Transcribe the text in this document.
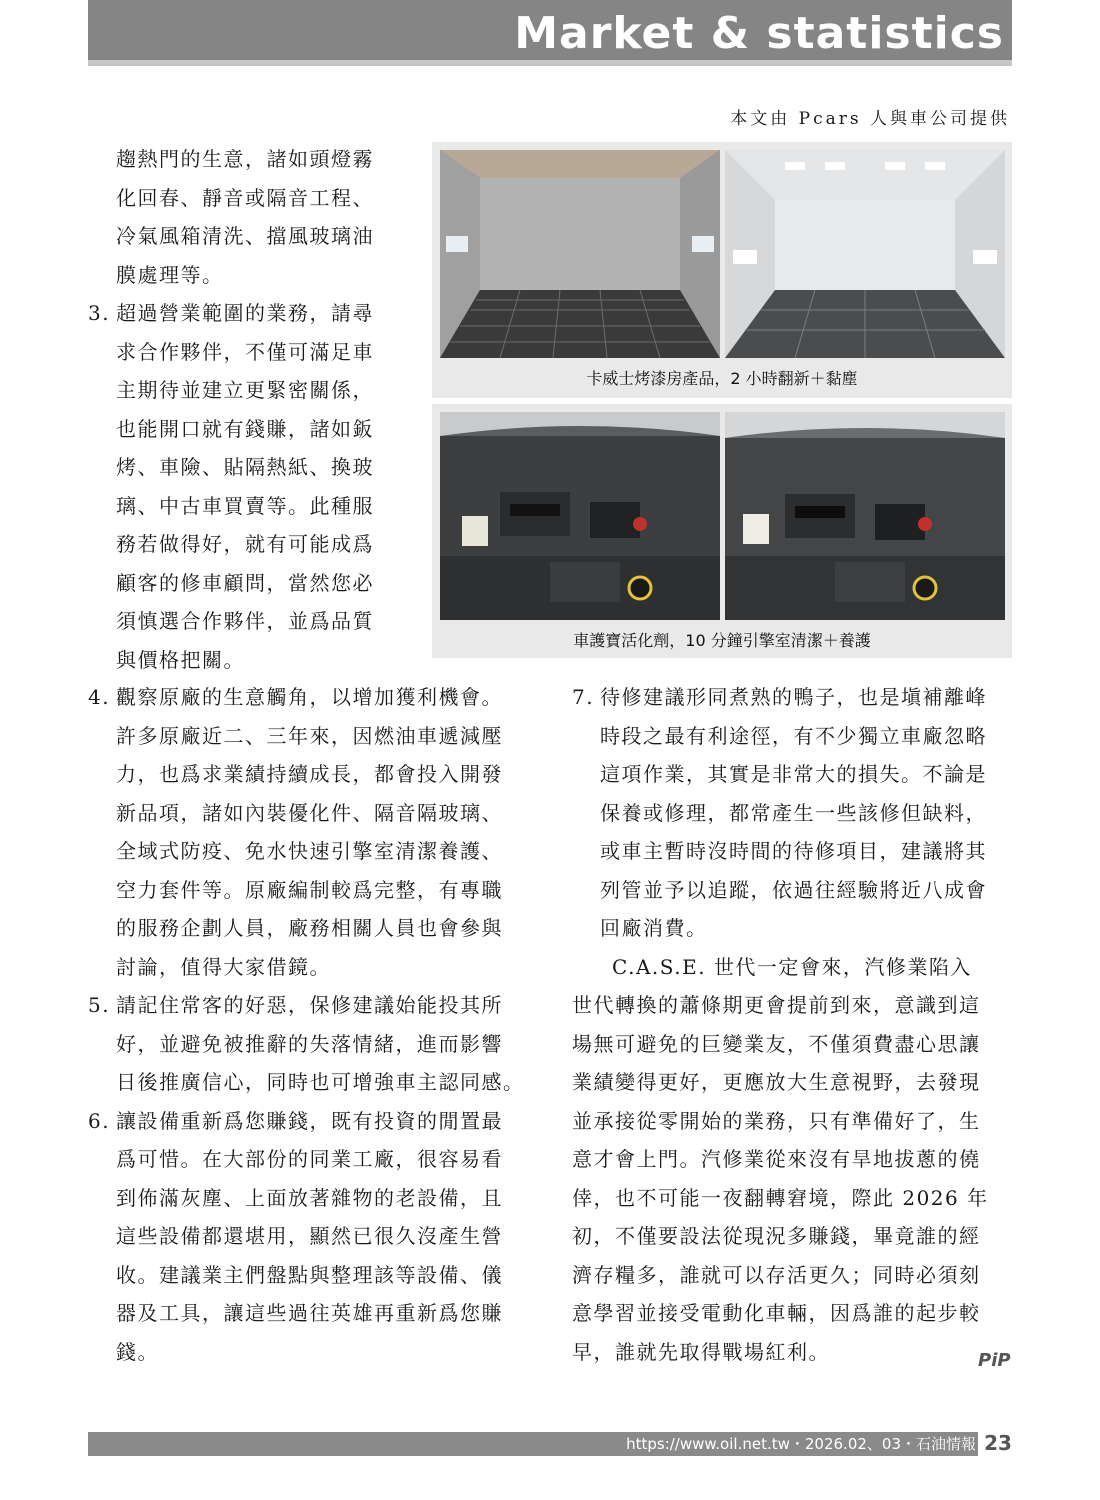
Market & statistics
本文由 Pcars 人與車公司提供
趨熱門的生意，諸如頭燈霧
化回春、靜音或隔音工程、
冷氣風箱清洗、擋風玻璃油
膜處理等。
3. 超過營業範圍的業務，請尋
求合作夥伴，不僅可滿足車
主期待並建立更緊密關係，
也能開口就有錢賺，諸如鈑
烤、車險、貼隔熱紙、換玻
璃、中古車買賣等。此種服
務若做得好，就有可能成爲
顧客的修車顧問，當然您必
須慎選合作夥伴，並爲品質
與價格把關。
卡威士烤漆房產品，2 小時翻新＋黏塵
車護寶活化劑，10 分鐘引擎室清潔＋養護
4. 觀察原廠的生意觸角，以增加獲利機會。
許多原廠近二、三年來，因燃油車遞減壓
力，也爲求業績持續成長，都會投入開發
新品項，諸如內裝優化件、隔音隔玻璃、
全域式防疫、免水快速引擎室清潔養護、
空力套件等。原廠編制較爲完整，有專職
的服務企劃人員，廠務相關人員也會參與
討論，值得大家借鏡。
5. 請記住常客的好惡，保修建議始能投其所
好，並避免被推辭的失落情緒，進而影響
日後推廣信心，同時也可增強車主認同感。
6. 讓設備重新爲您賺錢，既有投資的閒置最
爲可惜。在大部份的同業工廠，很容易看
到佈滿灰塵、上面放著雜物的老設備，且
這些設備都還堪用，顯然已很久沒產生營
收。建議業主們盤點與整理該等設備、儀
器及工具，讓這些過往英雄再重新爲您賺
錢。
7. 待修建議形同煮熟的鴨子，也是塡補離峰
時段之最有利途徑，有不少獨立車廠忽略
這項作業，其實是非常大的損失。不論是
保養或修理，都常產生一些該修但缺料，
或車主暫時沒時間的待修項目，建議將其
列管並予以追蹤，依過往經驗將近八成會
回廠消費。
C.A.S.E. 世代一定會來，汽修業陷入
世代轉換的蕭條期更會提前到來，意識到這
場無可避免的巨變業友，不僅須費盡心思讓
業績變得更好，更應放大生意視野，去發現
並承接從零開始的業務，只有準備好了，生
意才會上門。汽修業從來沒有旱地拔蔥的僥
倖，也不可能一夜翻轉窘境，際此 2026 年
初，不僅要設法從現況多賺錢，畢竟誰的經
濟存糧多，誰就可以存活更久；同時必須刻
意學習並接受電動化車輛，因爲誰的起步較
早，誰就先取得戰場紅利。	PiP
https://www.oil.net.tw・2026.02、03・石油情報 23
